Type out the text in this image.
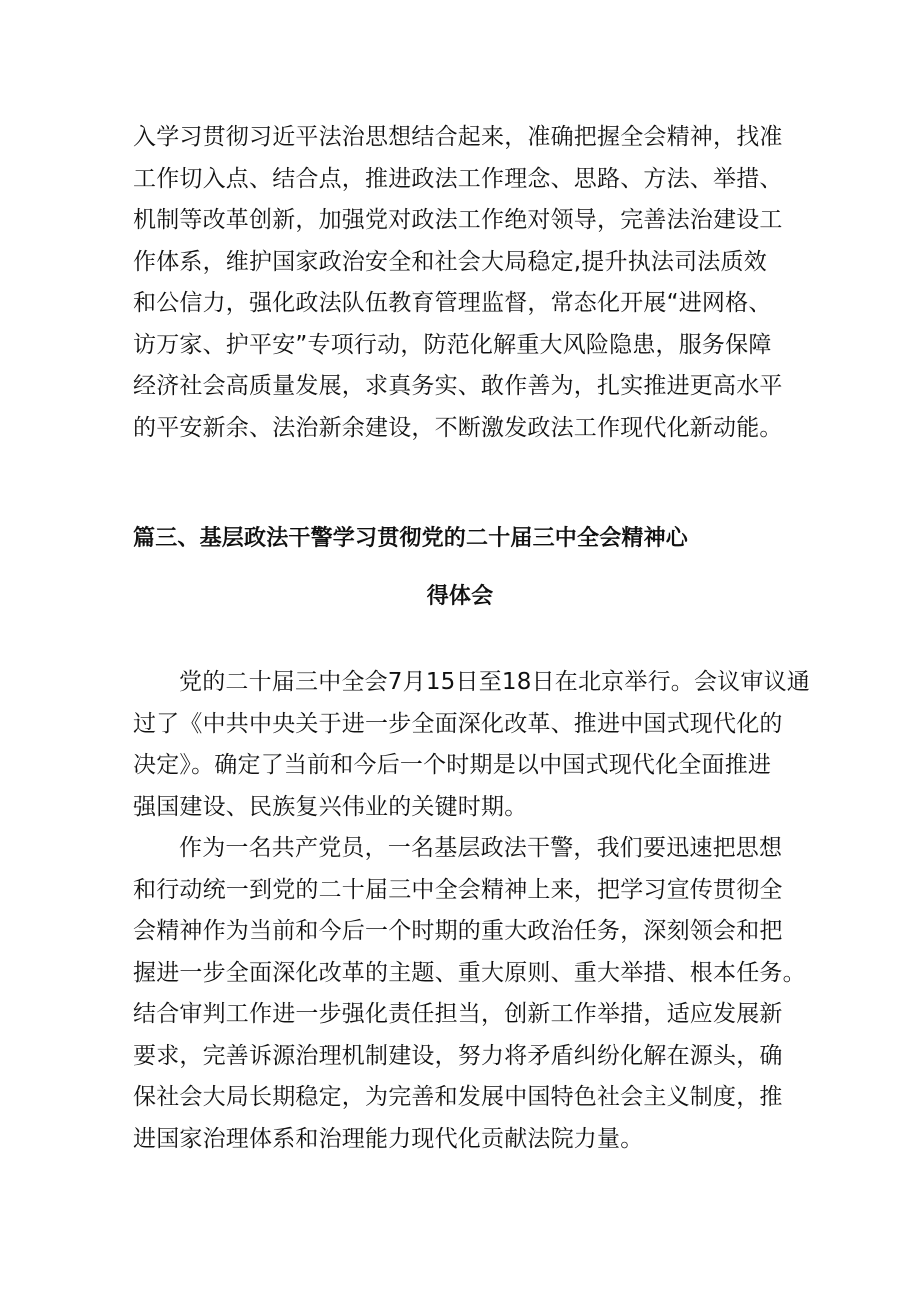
入学习贯彻习近平法治思想结合起来，准确把握全会精神，找准
工作切入点、结合点，推进政法工作理念、思路、方法、举措、
机制等改革创新，加强党对政法工作绝对领导，完善法治建设工
作体系，维护国家政治安全和社会大局稳定,提升执法司法质效
和公信力，强化政法队伍教育管理监督，常态化开展“进网格、
访万家、护平安”专项行动，防范化解重大风险隐患，服务保障
经济社会高质量发展，求真务实、敢作善为，扎实推进更高水平
的平安新余、法治新余建设，不断激发政法工作现代化新动能。
篇三、基层政法干警学习贯彻党的二十届三中全会精神心
得体会
党的二十届三中全会7月15日至18日在北京举行。会议审议通
过了《中共中央关于进一步全面深化改革、推进中国式现代化的
决定》。确定了当前和今后一个时期是以中国式现代化全面推进
强国建设、民族复兴伟业的关键时期。
作为一名共产党员，一名基层政法干警，我们要迅速把思想
和行动统一到党的二十届三中全会精神上来，把学习宣传贯彻全
会精神作为当前和今后一个时期的重大政治任务，深刻领会和把
握进一步全面深化改革的主题、重大原则、重大举措、根本任务。
结合审判工作进一步强化责任担当，创新工作举措，适应发展新
要求，完善诉源治理机制建设，努力将矛盾纠纷化解在源头，确
保社会大局长期稳定，为完善和发展中国特色社会主义制度，推
进国家治理体系和治理能力现代化贡献法院力量。
